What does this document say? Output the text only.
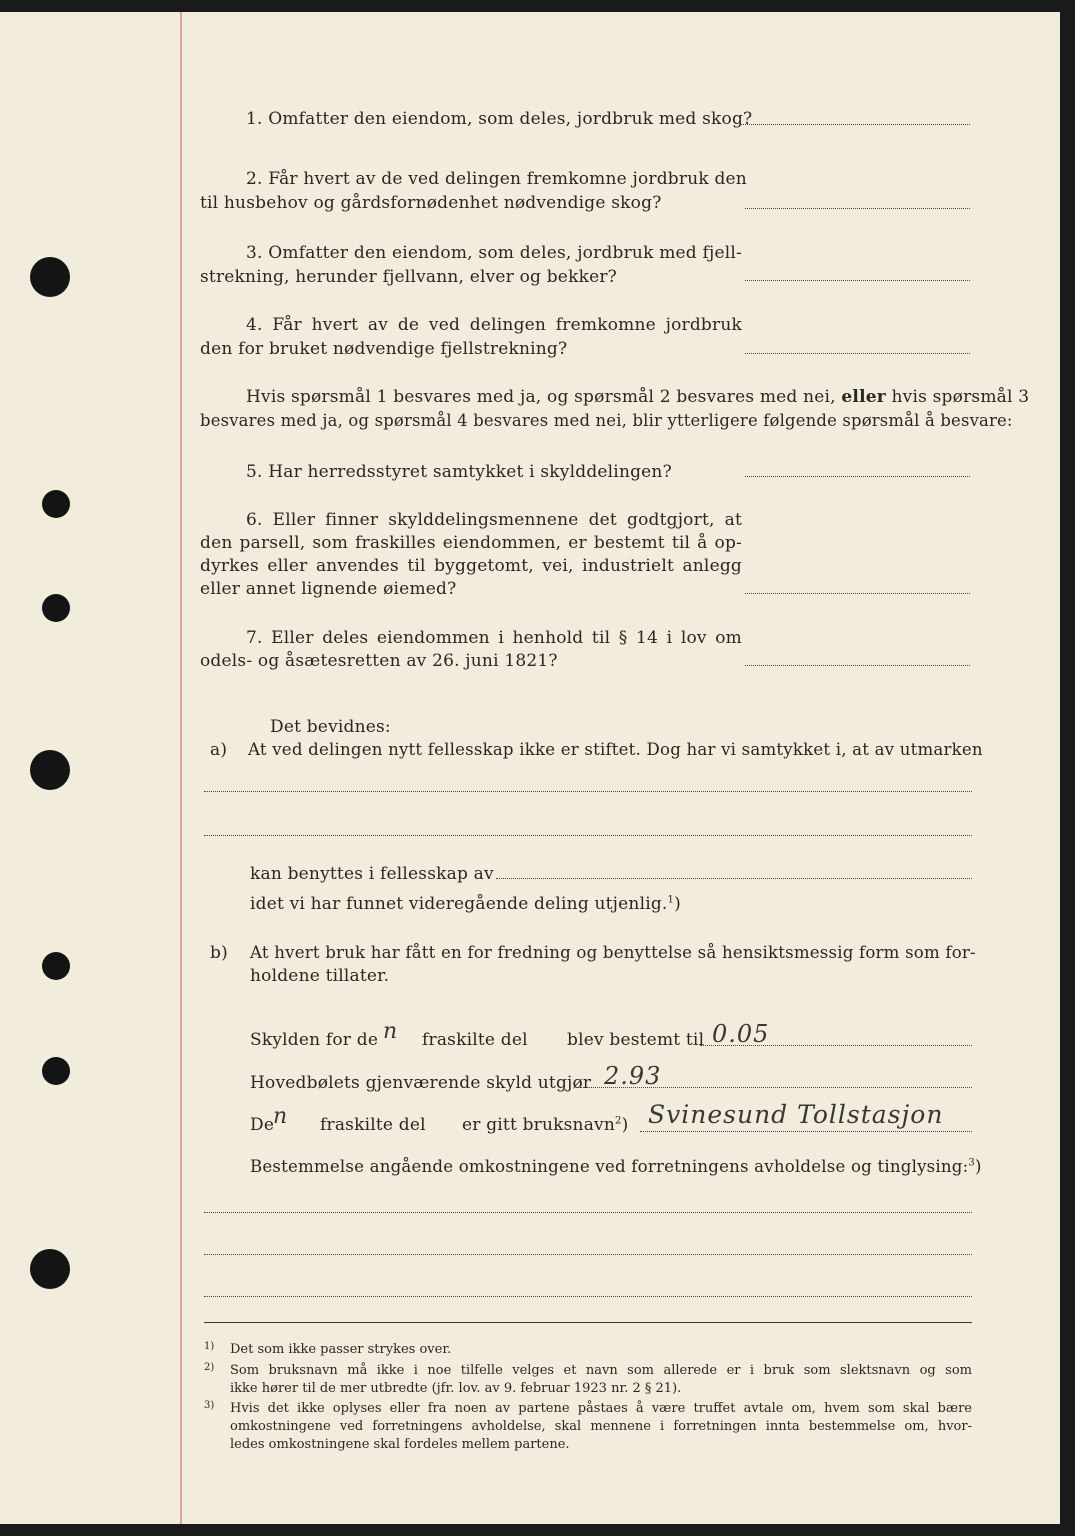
1. Omfatter den eiendom, som deles, jordbruk med skog?
2. Får hvert av de ved delingen fremkomne jordbruk den
til husbehov og gårdsfornødenhet nødvendige skog?
3. Omfatter den eiendom, som deles, jordbruk med fjell-
strekning, herunder fjellvann, elver og bekker?
4. Får hvert av de ved delingen fremkomne jordbruk
den for bruket nødvendige fjellstrekning?
Hvis spørsmål 1 besvares med ja, og spørsmål 2 besvares med nei, eller hvis spørsmål 3
besvares med ja, og spørsmål 4 besvares med nei, blir ytterligere følgende spørsmål å besvare:
5. Har herredsstyret samtykket i skylddelingen?
6. Eller finner skylddelingsmennene det godtgjort, at
den parsell, som fraskilles eiendommen, er bestemt til å op-
dyrkes eller anvendes til byggetomt, vei, industrielt anlegg
eller annet lignende øiemed?
7. Eller deles eiendommen i henhold til § 14 i lov om
odels- og åsætesretten av 26. juni 1821?
Det bevidnes:
a) At ved delingen nytt fellesskap ikke er stiftet. Dog har vi samtykket i, at av utmarken
kan benyttes i fellesskap av
idet vi har funnet videregående deling utjenlig.$^1$)
b) At hvert bruk har fått en for fredning og benyttelse så hensiktsmessig form som for-
holdene tillater.
Skylden for de n fraskilte del blev bestemt til 0.05
Hovedbølets gjenværende skyld utgjør 2.93
De
n fraskilte del er gitt bruksnavn$^2$) Svinesund Tollstasjon
Bestemmelse angående omkostningene ved forretningens avholdelse og tinglysing:$^3$)
1) Det som ikke passer strykes over.
2) Som bruksnavn må ikke i noe tilfelle velges et navn som allerede er i bruk som slektsnavn og som
ikke hører til de mer utbredte (jfr. lov. av 9. februar 1923 nr. 2 § 21).
3) Hvis det ikke oplyses eller fra noen av partene påstaes å være truffet avtale om, hvem som skal bære
omkostningene ved forretningens avholdelse, skal mennene i forretningen innta bestemmelse om, hvor-
ledes omkostningene skal fordeles mellem partene.
